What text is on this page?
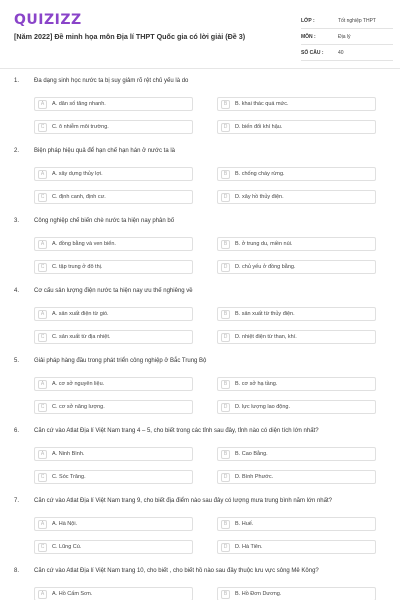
QUIZIZZ
[Năm 2022] Đề minh họa môn Địa lí THPT Quốc gia có lời giải (Đề 3)
LỚP :	Tốt nghiệp THPT
MÔN :	Địa lý
SỐ CÂU :	40
1. Đa dạng sinh học nước ta bị suy giảm rõ rệt chủ yếu là do
A	A. dân số tăng nhanh.	B	B. khai thác quá mức.
C	C. ô nhiễm môi trường.	D	D. biến đổi khí hậu.
2. Biện pháp hiệu quả để hạn chế hạn hán ở nước ta là
A	A. xây dựng thủy lợi.	B	B. chống cháy rừng.
C	C. định canh, định cư.	D	D. xây hồ thủy điện.
3. Công nghiệp chế biến chè nước ta hiện nay phân bố
A	A. đồng bằng và ven biển.	B	B. ở trung du, miền núi.
C	C. tập trung ở đô thị.	D	D. chủ yếu ở đồng bằng.
4. Cơ cấu sản lượng điện nước ta hiện nay ưu thế nghiêng về
A	A. sản xuất điện từ gió.	B	B. sản xuất từ thủy điện.
C	C. sản xuất từ địa nhiệt.	D	D. nhiệt điện từ than, khí.
5. Giải pháp hàng đầu trong phát triển công nghiệp ở Bắc Trung Bộ
A	A. cơ sở nguyên liệu.	B	B. cơ sở hạ tầng.
C	C. cơ sở năng lượng.	D	D. lực lượng lao động.
6. Căn cứ vào Atlat Địa lí Việt Nam trang 4 – 5, cho biết trong các tỉnh sau đây, tỉnh nào có diện tích lớn nhất?
A	A. Ninh Bình.	B	B. Cao Bằng.
C	C. Sóc Trăng.	D	D. Bình Phước.
7. Căn cứ vào Atlat Địa lí Việt Nam trang 9, cho biết địa điểm nào sau đây có lượng mưa trung bình năm lớn nhất?
A	A. Hà Nội.	B	B. Huế.
C	C. Lũng Cú.	D	D. Hà Tiên.
8. Căn cứ vào Atlat Địa lí Việt Nam trang 10, cho biết , cho biết hồ nào sau đây thuộc lưu vực sông Mê Kông?
A	A. Hồ Cấm Sơn.	B	B. Hồ Đơn Dương.
